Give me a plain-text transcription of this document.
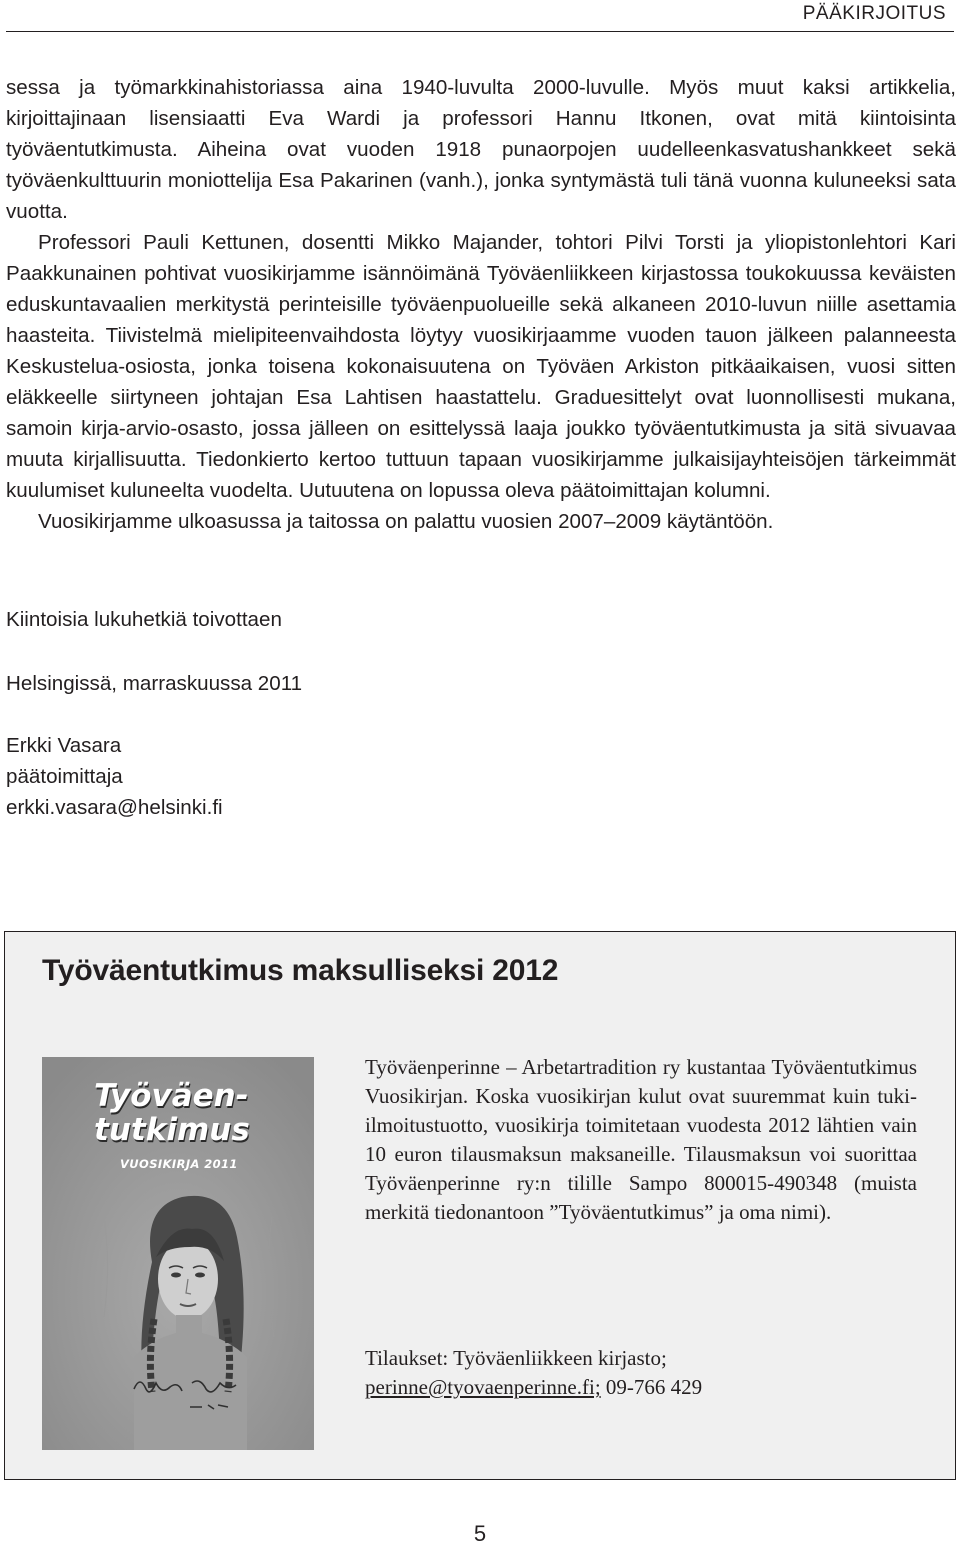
PÄÄKIRJOITUS

sessa ja työmarkkinahistoriassa aina 1940-luvulta 2000-luvulle. Myös muut kaksi artikkelia, kirjoittajinaan lisensiaatti Eva Wardi ja professori Hannu Itkonen, ovat mitä kiintoisinta työväentutkimusta. Aiheina ovat vuoden 1918 punaorpojen uudelleenkasvatushankkeet sekä työväenkulttuurin moniottelija Esa Pakarinen (vanh.), jonka syntymästä tuli tänä vuonna kuluneeksi sata vuotta.

Professori Pauli Kettunen, dosentti Mikko Majander, tohtori Pilvi Torsti ja yliopistonlehtori Kari Paakkunainen pohtivat vuosikirjamme isännöimänä Työväenliikkeen kirjastossa toukokuussa keväisten eduskuntavaalien merkitystä perinteisille työväenpuolueille sekä alkaneen 2010-luvun niille asettamia haasteita. Tiivistelmä mielipiteenvaihdosta löytyy vuosikirjaamme vuoden tauon jälkeen palanneesta Keskustelua-osiosta, jonka toisena kokonaisuutena on Työväen Arkiston pitkäaikaisen, vuosi sitten eläkkeelle siirtyneen johtajan Esa Lahtisen haastattelu. Graduesittelyt ovat luonnollisesti mukana, samoin kirja-arvio-osasto, jossa jälleen on esittelyssä laaja joukko työväentutkimusta ja sitä sivuavaa muuta kirjallisuutta. Tiedonkierto kertoo tuttuun tapaan vuosikirjamme julkaisijayhteisöjen tärkeimmät kuulumiset kuluneelta vuodelta. Uutuutena on lopussa oleva päätoimittajan kolumni.

Vuosikirjamme ulkoasussa ja taitossa on palattu vuosien 2007–2009 käytäntöön.

Kiintoisia lukuhetkiä toivottaen

Helsingissä, marraskuussa 2011

Erkki Vasara

päätoimittaja

erkki.vasara@helsinki.fi

Työväentutkimus maksulliseksi 2012

Työväen-
tutkimus

VUOSIKIRJA 2011

Työväenperinne – Arbetartradition ry kustantaa Työväentutkimus Vuosikirjan. Koska vuosikirjan kulut ovat suuremmat kuin tuki-ilmoitustuotto, vuosikirja toimitetaan vuodesta 2012 lähtien vain 10 euron tilausmaksun maksaneille. Tilausmaksun voi suorittaa Työväenperinne ry:n tilille Sampo 800015-490348 (muista merkitä tiedonantoon ”Työväentutkimus” ja oma nimi).

Tilaukset: Työväenliikkeen kirjasto;
perinne@tyovaenperinne.fi; 09-766 429

5
